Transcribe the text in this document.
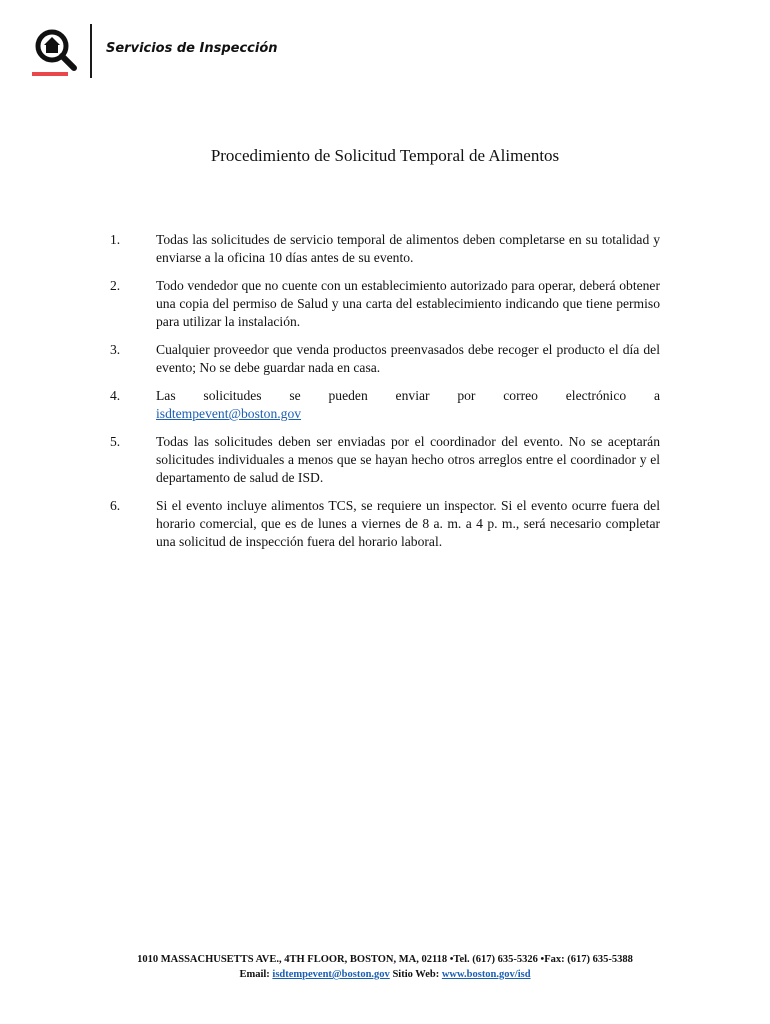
Servicios de Inspección
Procedimiento de Solicitud Temporal de Alimentos
1.	Todas las solicitudes de servicio temporal de alimentos deben completarse en su totalidad y enviarse a la oficina 10 días antes de su evento.
2.	Todo vendedor que no cuente con un establecimiento autorizado para operar, deberá obtener una copia del permiso de Salud y una carta del establecimiento indicando que tiene permiso para utilizar la instalación.
3.	Cualquier proveedor que venda productos preenvasados debe recoger el producto el día del evento; No se debe guardar nada en casa.
4.	Las solicitudes se pueden enviar por correo electrónico a
isdtempevent@boston.gov
5.	Todas las solicitudes deben ser enviadas por el coordinador del evento. No se aceptarán solicitudes individuales a menos que se hayan hecho otros arreglos entre el coordinador y el departamento de salud de ISD.
6.	Si el evento incluye alimentos TCS, se requiere un inspector. Si el evento ocurre fuera del horario comercial, que es de lunes a viernes de 8 a. m. a 4 p. m., será necesario completar una solicitud de inspección fuera del horario laboral.
1010 MASSACHUSETTS AVE., 4TH FLOOR, BOSTON, MA, 02118 •Tel. (617) 635-5326 •Fax: (617) 635-5388
Email: isdtempevent@boston.gov Sitio Web: www.boston.gov/isd
